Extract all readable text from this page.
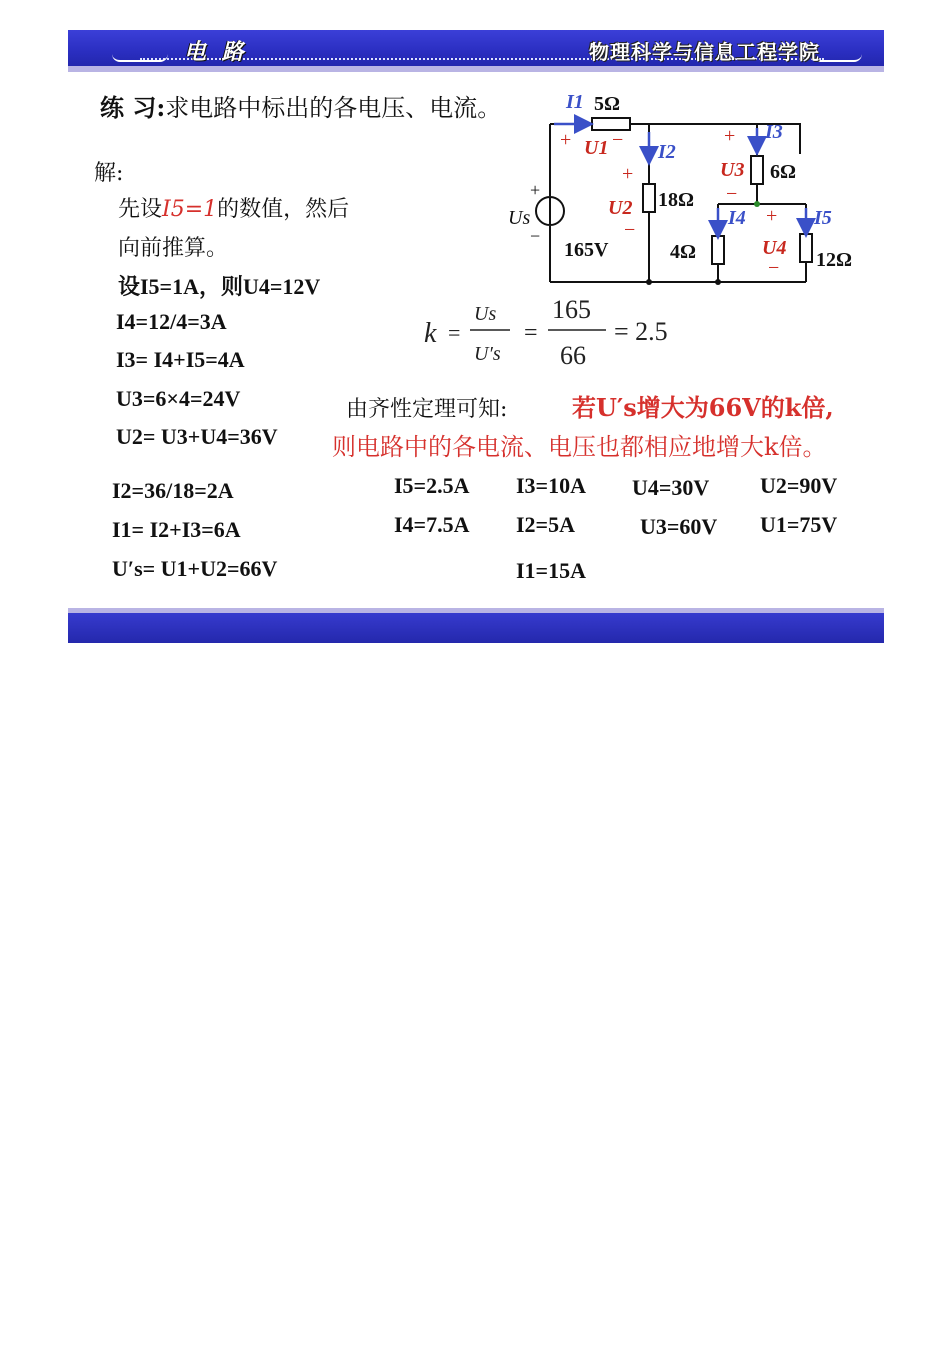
电 路	物理科学与信息工程学院
练 习:求电路中标出的各电压、电流。
解:
先设I5=1的数值，然后
向前推算。
设I5=1A，则U4=12V
I4=12/4=3A
I3= I4+I5=4A
U3=6×4=24V
U2= U3+U4=36V
I2=36/18=2A
I1= I2+I3=6A
U′s= U1+U2=66V
I1
I2
I3
I4	I5
U1
U2
U3
U4
Us
+ −
+
−
+
−
+
−
+
−
5Ω
18Ω
6Ω
4Ω	12Ω
165V
k =
Us
U′s
=
165
66
= 2.5
由齐性定理可知:	若U′s增大为66V的k倍,
则电路中的各电流、电压也都相应地增大k倍。
I5=2.5A I3=10A U4=30V U2=90V
I4=7.5A I2=5A	U3=60V U1=75V
I1=15A
